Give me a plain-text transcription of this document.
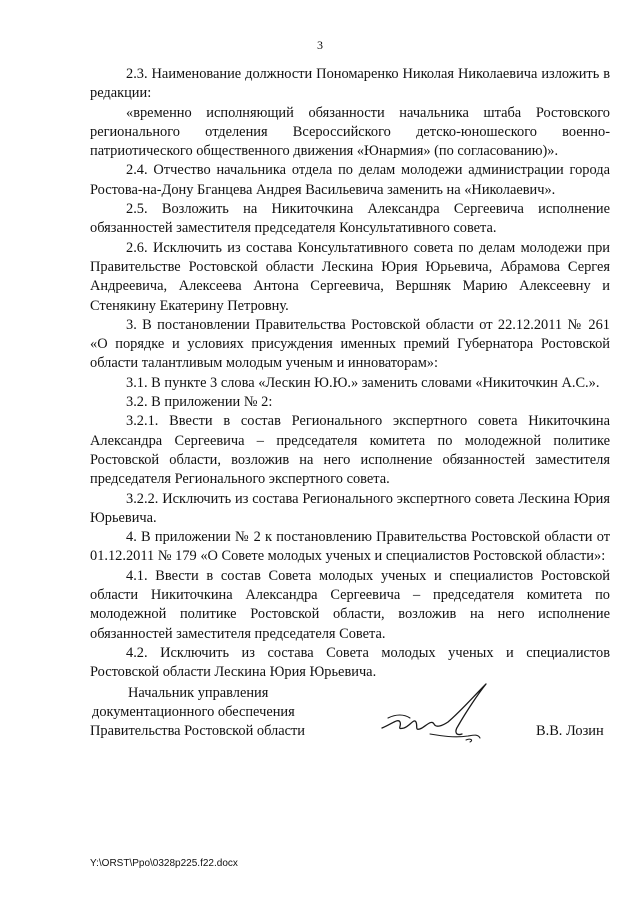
3

2.3. Наименование должности Пономаренко Николая Николаевича изложить в редакции:

«временно исполняющий обязанности начальника штаба Ростовского регионального отделения Всероссийского детско-юношеского военно-патриотического общественного движения «Юнармия» (по согласованию)».

2.4. Отчество начальника отдела по делам молодежи администрации города Ростова-на-Дону Бганцева Андрея Васильевича заменить на «Николаевич».

2.5. Возложить на Никиточкина Александра Сергеевича исполнение обязанностей заместителя председателя Консультативного совета.

2.6. Исключить из состава Консультативного совета по делам молодежи при Правительстве Ростовской области Лескина Юрия Юрьевича, Абрамова Сергея Андреевича, Алексеева Антона Сергеевича, Вершняк Марию Алексеевну и Стенякину Екатерину Петровну.

3. В постановлении Правительства Ростовской области от 22.12.2011 № 261 «О порядке и условиях присуждения именных премий Губернатора Ростовской области талантливым молодым ученым и инноваторам»:

3.1. В пункте 3 слова «Лескин Ю.Ю.» заменить словами «Никиточкин А.С.».

3.2. В приложении № 2:

3.2.1. Ввести в состав Регионального экспертного совета Никиточкина Александра Сергеевича – председателя комитета по молодежной политике Ростовской области, возложив на него исполнение обязанностей заместителя председателя Регионального экспертного совета.

3.2.2. Исключить из состава Регионального экспертного совета Лескина Юрия Юрьевича.

4. В приложении № 2 к постановлению Правительства Ростовской области от 01.12.2011 № 179 «О Совете молодых ученых и специалистов Ростовской области»:

4.1. Ввести в состав Совета молодых ученых и специалистов Ростовской области Никиточкина Александра Сергеевича – председателя комитета по молодежной политике Ростовской области, возложив на него исполнение обязанностей заместителя председателя Совета.

4.2. Исключить из состава Совета молодых ученых и специалистов Ростовской области Лескина Юрия Юрьевича.

Начальник управления
документационного обеспечения
Правительства Ростовской области	В.В. Лозин
Y:\ORST\Ppo\0328p225.f22.docx
